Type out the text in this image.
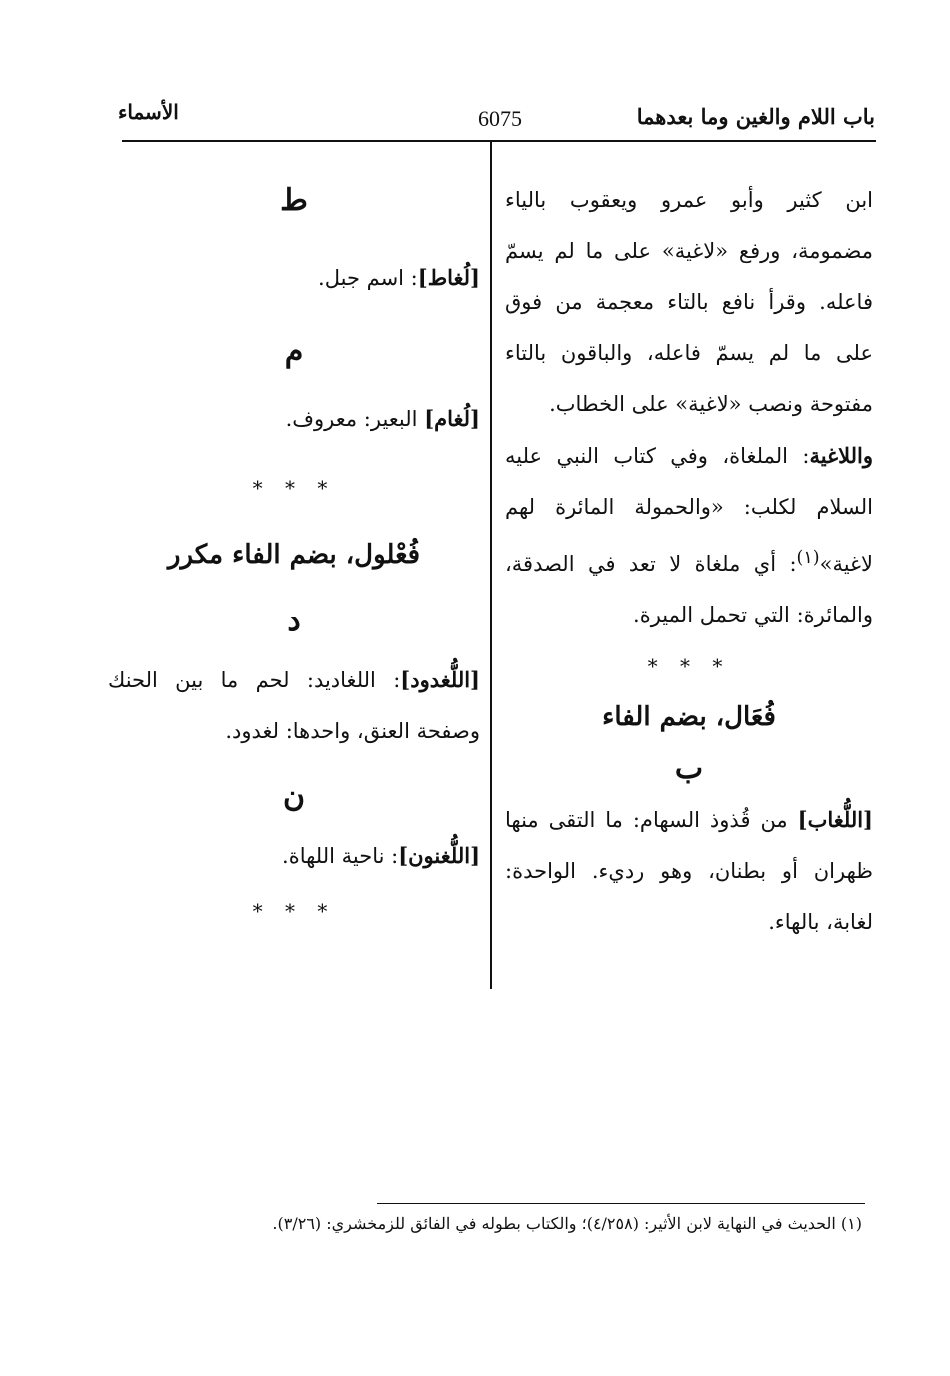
باب اللام والغين وما بعدهما
6075
الأسماء

ابن كثير وأبو عمرو ويعقوب بالياء مضمومة، ورفع «لاغية» على ما لم يسمّ فاعله. وقرأ نافع بالتاء معجمة من فوق على ما لم يسمّ فاعله، والباقون بالتاء مفتوحة ونصب «لاغية» على الخطاب.

واللاغية: الملغاة، وفي كتاب النبي عليه السلام لكلب: «والحمولة المائرة لهم لاغية»$^{(١)}$: أي ملغاة لا تعد في الصدقة، والمائرة: التي تحمل الميرة.

* * *

فُعَال، بضم الفاء

ب

[اللُّغاب] من قُذوذ السهام: ما التقى منها ظهران أو بطنان، وهو رديء. الواحدة: لغابة، بالهاء.

ط

[لُغاط]: اسم جبل.

م

[لُغام] البعير: معروف.

* * *

فُعْلول، بضم الفاء مكرر

د

[اللُّغدود]: اللغاديد: لحم ما بين الحنك وصفحة العنق، واحدها: لغدود.

ن

[اللُّغنون]: ناحية اللهاة.

* * *

(١) الحديث في النهاية لابن الأثير: (٤/٢٥٨)؛ والكتاب بطوله في الفائق للزمخشري: (٣/٢٦).
